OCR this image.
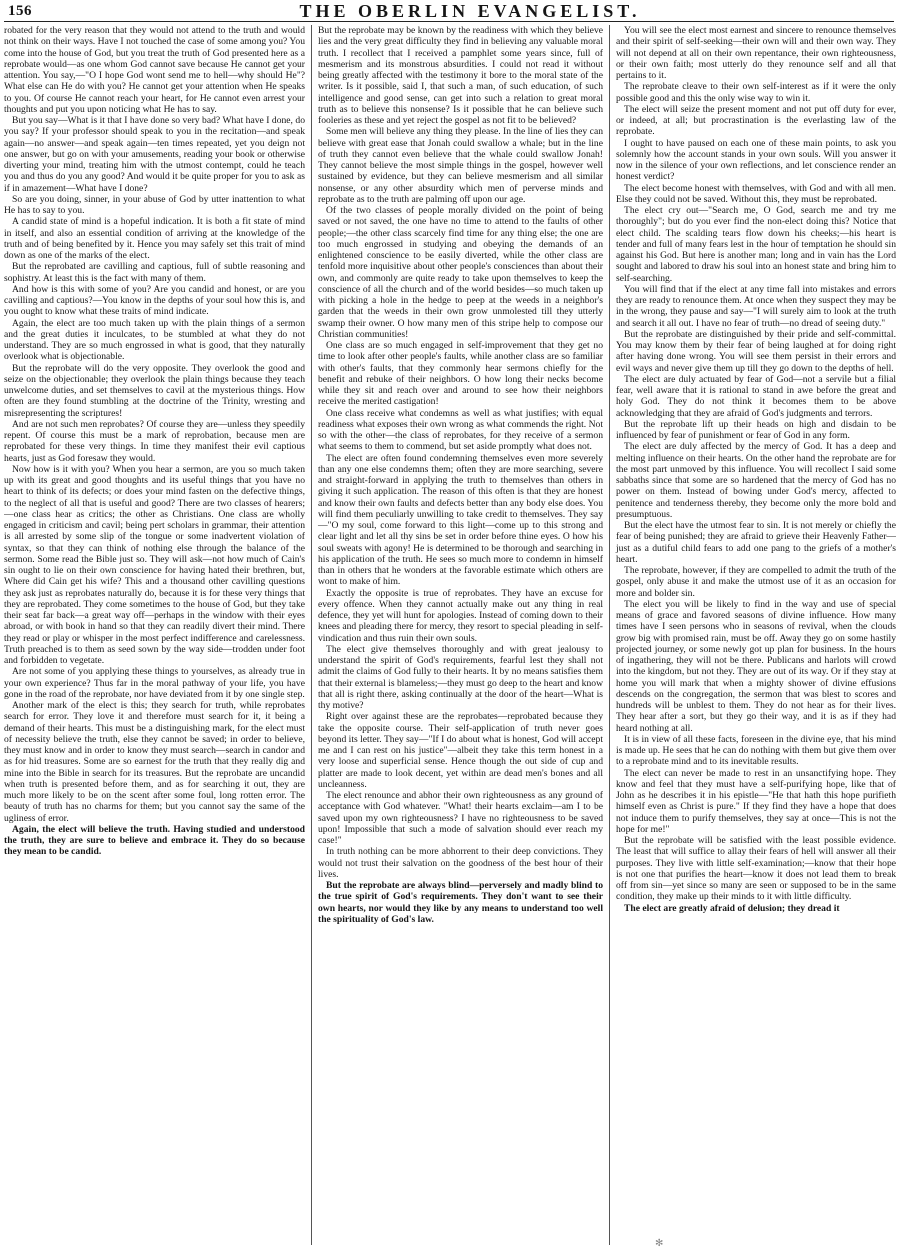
156	THE OBERLIN EVANGELIST.

robated for the very reason that they would not attend to the truth and would not think on their ways. Have I not touched the case of some among you? You come into the house of God, but you treat the truth of God presented here as a reprobate would—as one whom God cannot save because He cannot get your attention. You say,—"O I hope God wont send me to hell—why should He"? What else can He do with you? He cannot get your attention when He speaks to you. Of course He cannot reach your heart, for He cannot even arrest your thoughts and put you upon noticing what He has to say.

But you say—What is it that I have done so very bad? What have I done, do you say? If your professor should speak to you in the recitation—and speak again—no answer—and speak again—ten times repeated, yet you deign not one answer, but go on with your amusements, reading your book or otherwise diverting your mind, treating him with the utmost contempt, could he teach you and thus do you any good? And would it be quite proper for you to ask as if in amazement—What have I done?

So are you doing, sinner, in your abuse of God by utter inattention to what He has to say to you.

A candid state of mind is a hopeful indication. It is both a fit state of mind in itself, and also an essential condition of arriving at the knowledge of the truth and of being benefited by it. Hence you may safely set this trait of mind down as one of the marks of the elect.

But the reprobated are cavilling and captious, full of subtle reasoning and sophistry. At least this is the fact with many of them.

And how is this with some of you? Are you candid and honest, or are you cavilling and captious?—You know in the depths of your soul how this is, and you ought to know what these traits of mind indicate.

Again, the elect are too much taken up with the plain things of a sermon and the great duties it inculcates, to be stumbled at what they do not understand. They are so much engrossed in what is good, that they naturally overlook what is objectionable.

But the reprobate will do the very opposite. They overlook the good and seize on the objectionable; they overlook the plain things because they teach unwelcome duties, and set themselves to cavil at the mysterious things. How often are they found stumbling at the doctrine of the Trinity, wresting and misrepresenting the scriptures!

And are not such men reprobates? Of course they are—unless they speedily repent. Of course this must be a mark of reprobation, because men are reprobated for these very things. In time they manifest their evil captious hearts, just as God foresaw they would.

Now how is it with you? When you hear a sermon, are you so much taken up with its great and good thoughts and its useful things that you have no heart to think of its defects; or does your mind fasten on the defective things, to the neglect of all that is useful and good? There are two classes of hearers;—one class hear as critics; the other as Christians. One class are wholly engaged in criticism and cavil; being pert scholars in grammar, their attention is all arrested by some slip of the tongue or some inadvertent violation of syntax, so that they can think of nothing else through the balance of the sermon. Some read the Bible just so. They will ask—not how much of Cain's sin ought to lie on their own conscience for having hated their brethren, but, Where did Cain get his wife? This and a thousand other cavilling questions they ask just as reprobates naturally do, because it is for these very things that they are reprobated. They come sometimes to the house of God, but they take their seat far back—a great way off—perhaps in the window with their eyes abroad, or with book in hand so that they can readily divert their mind. There they read or play or whisper in the most perfect indifference and carelessness. Truth preached is to them as seed sown by the way side—trodden under foot and forbidden to vegetate.

Are not some of you applying these things to yourselves, as already true in your own experience? Thus far in the moral pathway of your life, you have gone in the road of the reprobate, nor have deviated from it by one single step.

Another mark of the elect is this; they search for truth, while reprobates search for error. They love it and therefore must search for it, it being a demand of their hearts. This must be a distinguishing mark, for the elect must of necessity believe the truth, else they cannot be saved; in order to believe, they must know and in order to know they must search—search in candor and as for hid treasures. Some are so earnest for the truth that they really dig and mine into the Bible in search for its treasures. But the reprobate are uncandid when truth is presented before them, and as for searching it out, they are much more likely to be on the scent after some foul, long rotten error. The beauty of truth has no charms for them; but you cannot say the same of the ugliness of error.

Again, the elect will believe the truth. Having studied and understood the truth, they are sure to believe and embrace it. They do so because they mean to be candid.

But the reprobate may be known by the readiness with which they believe lies and the very great difficulty they find in believing any valuable moral truth. I recollect that I received a pamphlet some years since, full of mesmerism and its monstrous absurdities. I could not read it without being greatly affected with the testimony it bore to the moral state of the writer. Is it possible, said I, that such a man, of such education, of such intelligence and good sense, can get into such a relation to great moral truth as to believe this nonsense? Is it possible that he can believe such fooleries as these and yet reject the gospel as not fit to be believed?

Some men will believe any thing they please. In the line of lies they can believe with great ease that Jonah could swallow a whale; but in the line of truth they cannot even believe that the whale could swallow Jonah! They cannot believe the most simple things in the gospel, however well sustained by evidence, but they can believe mesmerism and all similar nonsense, or any other absurdity which men of perverse minds and reprobate as to the truth are palming off upon our age.

Of the two classes of people morally divided on the point of being saved or not saved, the one have no time to attend to the faults of other people;—the other class scarcely find time for any thing else; the one are too much engrossed in studying and obeying the demands of an enlightened conscience to be easily diverted, while the other class are tenfold more inquisitive about other people's consciences than about their own, and commonly are quite ready to take upon themselves to keep the conscience of all the church and of the world besides—so much taken up with picking a hole in the hedge to peep at the weeds in a neighbor's garden that the weeds in their own grow unmolested till they utterly swamp their owner. O how many men of this stripe help to compose our Christian communities!

One class are so much engaged in self-improvement that they get no time to look after other people's faults, while another class are so familiar with other's faults, that they commonly hear sermons chiefly for the benefit and rebuke of their neighbors. O how long their necks become while they sit and reach over and around to see how their neighbors receive the merited castigation!

One class receive what condemns as well as what justifies; with equal readiness what exposes their own wrong as what commends the right. Not so with the other—the class of reprobates, for they receive of a sermon what seems to them to commend, but set aside promptly what does not.

The elect are often found condemning themselves even more severely than any one else condemns them; often they are more searching, severe and straight-forward in applying the truth to themselves than others in giving it such application. The reason of this often is that they are honest and know their own faults and defects better than any body else does. You will find them peculiarly unwilling to take credit to themselves. They say—"O my soul, come forward to this light—come up to this strong and clear light and let all thy sins be set in order before thine eyes. O how his soul sweats with agony! He is determined to be thorough and searching in his application of the truth. He sees so much more to condemn in himself than in others that he wonders at the favorable estimate which others are wont to make of him.

Exactly the opposite is true of reprobates. They have an excuse for every offence. When they cannot actually make out any thing in real defence, they yet will hunt for apologies. Instead of coming down to their knees and pleading there for mercy, they resort to special pleading in self-vindication and thus ruin their own souls.

The elect give themselves thoroughly and with great jealousy to understand the spirit of God's requirements, fearful lest they shall not admit the claims of God fully to their hearts. It by no means satisfies them that their external is blameless;—they must go deep to the heart and know that all is right there, asking continually at the door of the heart—What is thy motive?

Right over against these are the reprobates—reprobated because they take the opposite course. Their self-application of truth never goes beyond its letter. They say—"If I do about what is honest, God will accept me and I can rest on his justice"—albeit they take this term honest in a very loose and superficial sense. Hence though the out side of cup and platter are made to look decent, yet within are dead men's bones and all uncleanness.

The elect renounce and abhor their own righteousness as any ground of acceptance with God whatever. "What! their hearts exclaim—am I to be saved upon my own righteousness? I have no righteousness to be saved upon! Impossible that such a mode of salvation should ever reach my case!"

In truth nothing can be more abhorrent to their deep convictions. They would not trust their salvation on the goodness of the best hour of their lives.

But the reprobate are always blind—perversely and madly blind to the true spirit of God's requirements. They don't want to see their own hearts, nor would they like by any means to understand too well the spirituality of God's law.

You will see the elect most earnest and sincere to renounce themselves and their spirit of self-seeking—their own will and their own way. They will not depend at all on their own repentance, their own righteousness, or their own faith; most utterly do they renounce self and all that pertains to it.

The reprobate cleave to their own self-interest as if it were the only possible good and this the only wise way to win it.

The elect will seize the present moment and not put off duty for ever, or indeed, at all; but procrastination is the everlasting law of the reprobate.

I ought to have paused on each one of these main points, to ask you solemnly how the account stands in your own souls. Will you answer it now in the silence of your own reflections, and let conscience render an honest verdict?

The elect become honest with themselves, with God and with all men. Else they could not be saved. Without this, they must be reprobated.

The elect cry out—"Search me, O God, search me and try me thoroughly"; but do you ever find the non-elect doing this? Notice that elect child. The scalding tears flow down his cheeks;—his heart is tender and full of many fears lest in the hour of temptation he should sin against his God. But here is another man; long and in vain has the Lord sought and labored to draw his soul into an honest state and bring him to self-searching.

You will find that if the elect at any time fall into mistakes and errors they are ready to renounce them. At once when they suspect they may be in the wrong, they pause and say—"I will surely aim to look at the truth and search it all out. I have no fear of truth—no dread of seeing duty."

But the reprobate are distinguished by their pride and self-committal. You may know them by their fear of being laughed at for doing right after having done wrong. You will see them persist in their errors and evil ways and never give them up till they go down to the depths of hell.

The elect are duly actuated by fear of God—not a servile but a filial fear, well aware that it is rational to stand in awe before the great and holy God. They do not think it becomes them to be above acknowledging that they are afraid of God's judgments and terrors.

But the reprobate lift up their heads on high and disdain to be influenced by fear of punishment or fear of God in any form.

The elect are duly affected by the mercy of God. It has a deep and melting influence on their hearts. On the other hand the reprobate are for the most part unmoved by this influence. You will recollect I said some sabbaths since that some are so hardened that the mercy of God has no power on them. Instead of bowing under God's mercy, affected to penitence and tenderness thereby, they become only the more bold and presumptuous.

But the elect have the utmost fear to sin. It is not merely or chiefly the fear of being punished; they are afraid to grieve their Heavenly Father—just as a dutiful child fears to add one pang to the griefs of a mother's heart.

The reprobate, however, if they are compelled to admit the truth of the gospel, only abuse it and make the utmost use of it as an occasion for more and bolder sin.

The elect you will be likely to find in the way and use of special means of grace and favored seasons of divine influence. How many times have I seen persons who in seasons of revival, when the clouds grow big with promised rain, must be off. Away they go on some hastily projected journey, or some newly got up plan for business. In the hours of ingathering, they will not be there. Publicans and harlots will crowd into the kingdom, but not they. They are out of its way. Or if they stay at home you will mark that when a mighty shower of divine effusions descends on the congregation, the sermon that was blest to scores and hundreds will be unblest to them. They do not hear as for their lives. They hear after a sort, but they go their way, and it is as if they had heard nothing at all.

It is in view of all these facts, foreseen in the divine eye, that his mind is made up. He sees that he can do nothing with them but give them over to a reprobate mind and to its inevitable results.

The elect can never be made to rest in an unsanctifying hope. They know and feel that they must have a self-purifying hope, like that of John as he describes it in his epistle—"He that hath this hope purifieth himself even as Christ is pure." If they find they have a hope that does not induce them to purify themselves, they say at once—This is not the hope for me!"

But the reprobate will be satisfied with the least possible evidence. The least that will suffice to allay their fears of hell will answer all their purposes. They live with little self-examination;—know that their hope is not one that purifies the heart—know it does not lead them to break off from sin—yet since so many are seen or supposed to be in the same condition, they make up their minds to it with little difficulty.

The elect are greatly afraid of delusion; they dread it

✻
